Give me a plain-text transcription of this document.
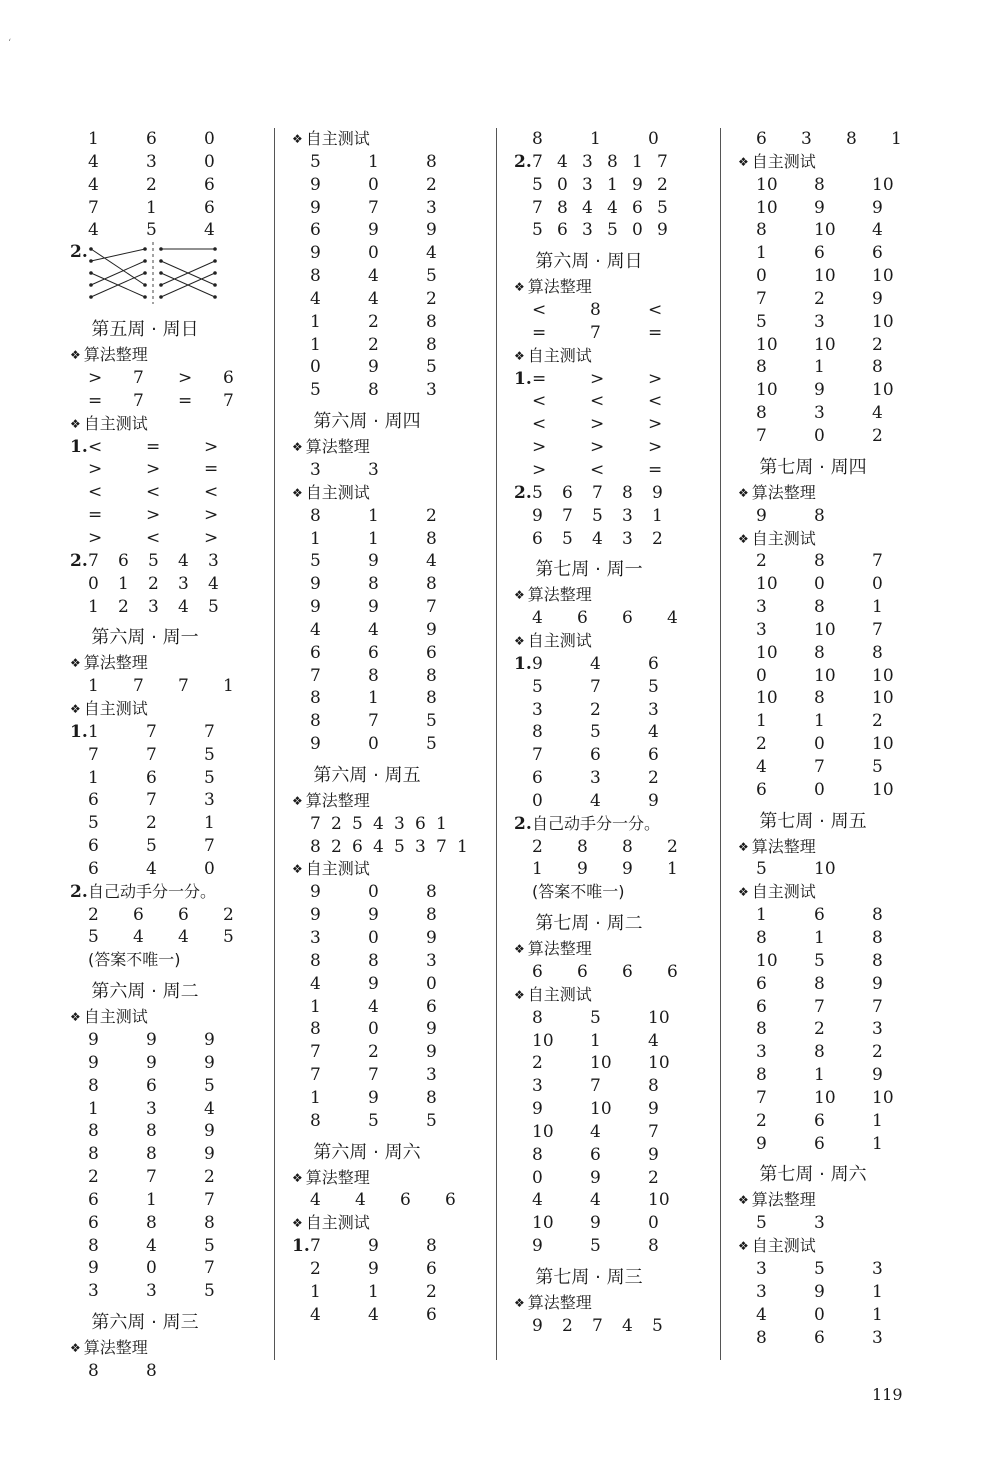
‘
1	6	0
4	3	0
4	2	6
7	1	6
4	5	4
2.
第五周 · 周日
❖ 算法整理
>	7	>	6
=	7	=	7
❖ 自主测试
1. <	=	>
>	>	=
<	<	<
=	>	>
>	<	>
2. 7	6	5	4	3
0	1	2	3	4
1	2	3	4	5
第六周 · 周一
❖ 算法整理
1	7	7	1
❖ 自主测试
1. 1	7	7
7	7	5
1	6	5
6	7	3
5	2	1
6	5	7
6	4	0
2. 自己动手分一分。
2	6	6	2
5	4	4	5
(答案不唯一)
第六周 · 周二
❖ 自主测试
9	9	9
9	9	9
8	6	5
1	3	4
8	8	9
8	8	9
2	7	2
6	1	7
6	8	8
8	4	5
9	0	7
3	3	5
第六周 · 周三
❖ 算法整理
8	8
❖ 自主测试
5	1	8
9	0	2
9	7	3
6	9	9
9	0	4
8	4	5
4	4	2
1	2	8
1	2	8
0	9	5
5	8	3
第六周 · 周四
❖ 算法整理
3	3
❖ 自主测试
8	1	2
1	1	8
5	9	4
9	8	8
9	9	7
4	4	9
6	6	6
7	8	8
8	1	8
8	7	5
9	0	5
第六周 · 周五
❖ 算法整理
7 2 5 4 3 6 1
8 2 6 4 5 3 7 1
❖ 自主测试
9	0	8
9	9	8
3	0	9
8	8	3
4	9	0
1	4	6
8	0	9
7	2	9
7	7	3
1	9	8
8	5	5
第六周 · 周六
❖ 算法整理
4	4	6	6
❖ 自主测试
1. 7	9	8
2	9	6
1	1	2
4	4	6
8	1	0
2. 7 4 3 8 1 7
5 0 3 1 9 2
7 8 4 4 6 5
5 6 3 5 0 9
第六周 · 周日
❖ 算法整理
<	8	<
=	7	=
❖ 自主测试
1. =	>	>
<	<	<
<	>	>
>	>	>
>	<	=
2. 5	6	7	8	9
9	7	5	3	1
6	5	4	3	2
第七周 · 周一
❖ 算法整理
4	6	6	4
❖ 自主测试
1. 9	4	6
5	7	5
3	2	3
8	5	4
7	6	6
6	3	2
0	4	9
2. 自己动手分一分。
2	8	8	2
1	9	9	1
(答案不唯一)
第七周 · 周二
❖ 算法整理
6	6	6	6
❖ 自主测试
8	5	10
10	1	4
2	10	10
3	7	8
9	10	9
10	4	7
8	6	9
0	9	2
4	4	10
10	9	0
9	5	8
第七周 · 周三
❖ 算法整理
9	2	7	4	5
6	3	8	1
❖ 自主测试
10	8	10
10	9	9
8	10	4
1	6	6
0	10	10
7	2	9
5	3	10
10	10	2
8	1	8
10	9	10
8	3	4
7	0	2
第七周 · 周四
❖ 算法整理
9	8
❖ 自主测试
2	8	7
10	0	0
3	8	1
3	10	7
10	8	8
0	10	10
10	8	10
1	1	2
2	0	10
4	7	5
6	0	10
第七周 · 周五
❖ 算法整理
5	10
❖ 自主测试
1	6	8
8	1	8
10	5	8
6	8	9
6	7	7
8	2	3
3	8	2
8	1	9
7	10	10
2	6	1
9	6	1
第七周 · 周六
❖ 算法整理
5	3
❖ 自主测试
3	5	3
3	9	1
4	0	1
8	6	3
119
